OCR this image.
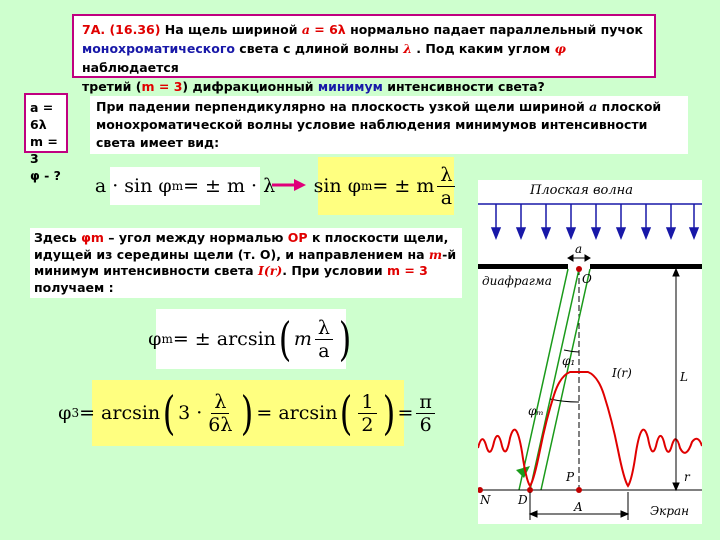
7А. (16.36) На щель шириной a = 6λ нормально падает параллельный пучок
монохроматического света с длиной волны λ . Под каким углом φ наблюдается
третий (m = 3) дифракционный минимум интенсивности света?
a = 6λ
m = 3
φ - ?
При падении перпендикулярно на плоскость узкой щели шириной a плоской монохроматической волны условие наблюдения минимумов интенсивности света имеет вид:
a · sin φ m = ± m · λ sin φ m = ± m $\frac{\lambda}{a}$
Здесь φm – угол между нормалью ОР к плоскости щели, идущей из середины щели (т. О), и направлением на m-й минимум интенсивности света I(r). При условии m = 3 получаем :
φ m = ± arcsin ( m $\frac{\lambda}{a}$ )
φ 3 = arcsin ( $3 \cdot \frac{\lambda}{6\lambda}$ ) = arcsin ( $\frac{1}{2}$ ) = $\frac{\pi}{6}$
Плоская волна
a
O
диафрагма
φ₁
φₘ
I(r)	L
P	r
N D	A	Экран
